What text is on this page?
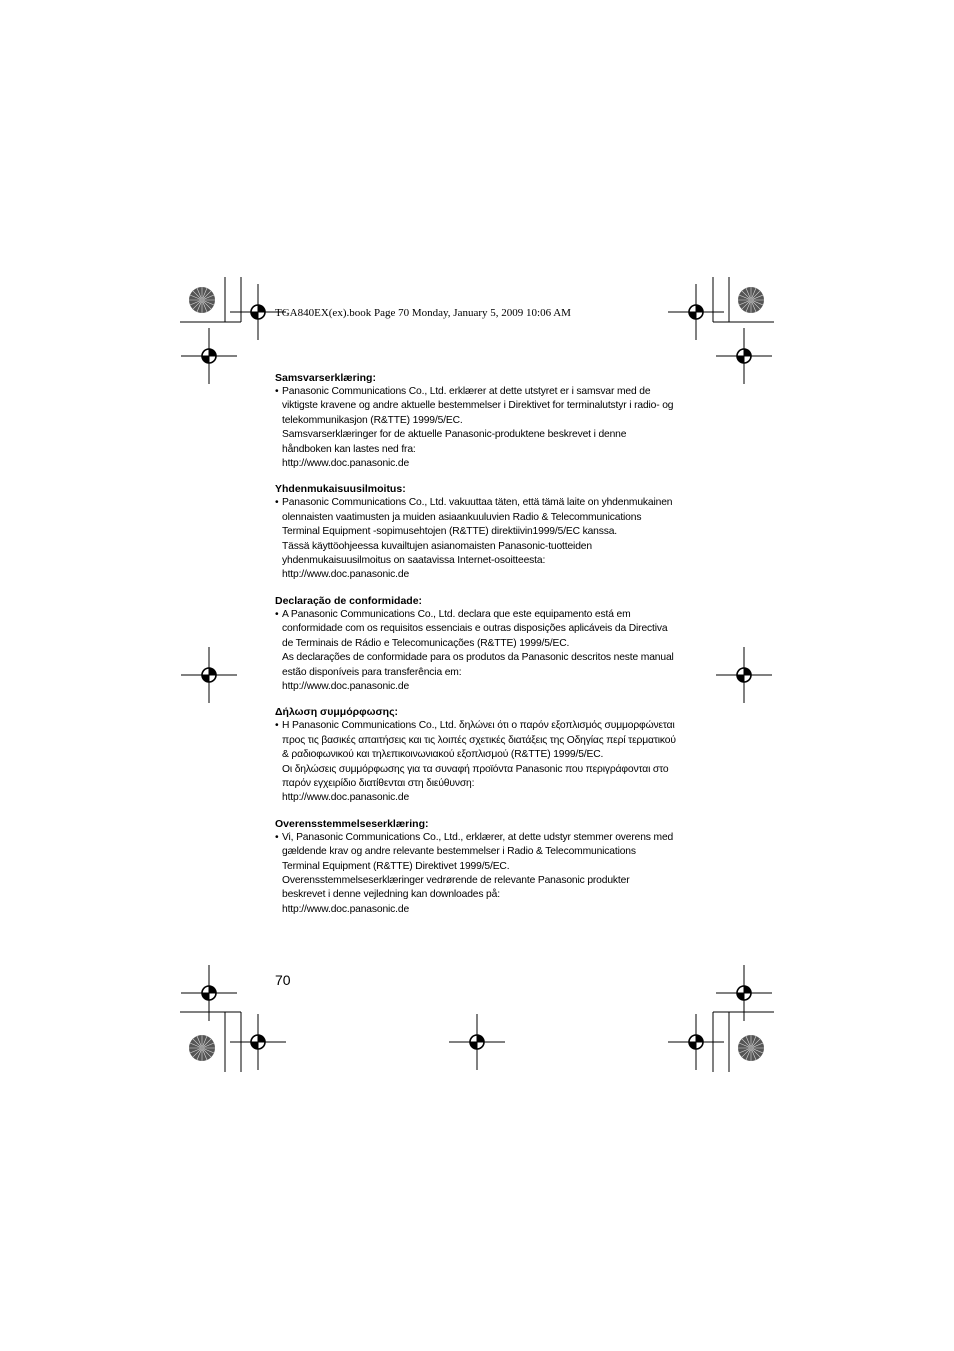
TGA840EX(ex).book Page 70 Monday, January 5, 2009 10:06 AM
Samsvarserklæring:
• Panasonic Communications Co., Ltd. erklærer at dette utstyret er i samsvar med de
viktigste kravene og andre aktuelle bestemmelser i Direktivet for terminalutstyr i radio- og
telekommunikasjon (R&TTE) 1999/5/EC.
Samsvarserklæringer for de aktuelle Panasonic-produktene beskrevet i denne
håndboken kan lastes ned fra:
http://www.doc.panasonic.de
Yhdenmukaisuusilmoitus:
• Panasonic Communications Co., Ltd. vakuuttaa täten, että tämä laite on yhdenmukainen
olennaisten vaatimusten ja muiden asiaankuuluvien Radio & Telecommunications
Terminal Equipment -sopimusehtojen (R&TTE) direktiivin1999/5/EC kanssa.
Tässä käyttöohjeessa kuvailtujen asianomaisten Panasonic-tuotteiden
yhdenmukaisuusilmoitus on saatavissa Internet-osoitteesta:
http://www.doc.panasonic.de
Declaração de conformidade:
• A Panasonic Communications Co., Ltd. declara que este equipamento está em
conformidade com os requisitos essenciais e outras disposições aplicáveis da Directiva
de Terminais de Rádio e Telecomunicações (R&TTE) 1999/5/EC.
As declarações de conformidade para os produtos da Panasonic descritos neste manual
estão disponíveis para transferência em:
http://www.doc.panasonic.de
Δήλωση συμμόρφωσης:
• H Panasonic Communications Co., Ltd. δηλώνει ότι ο παρόν εξοπλισμός συμμορφώνεται
προς τις βασικές απαιτήσεις και τις λοιπές σχετικές διατάξεις της Οδηγίας περί τερματικού
& ραδιοφωνικού και τηλεπικοινωνιακού εξοπλισμού (R&TTE) 1999/5/EC.
Οι δηλώσεις συμμόρφωσης για τα συναφή προϊόντα Panasonic που περιγράφονται στο
παρόν εγχειρίδιο διατίθενται στη διεύθυνση:
http://www.doc.panasonic.de
Overensstemmelseserklæring:
• Vi, Panasonic Communications Co., Ltd., erklærer, at dette udstyr stemmer overens med
gældende krav og andre relevante bestemmelser i Radio & Telecommunications
Terminal Equipment (R&TTE) Direktivet 1999/5/EC.
Overensstemmelseserklæringer vedrørende de relevante Panasonic produkter
beskrevet i denne vejledning kan downloades på:
http://www.doc.panasonic.de
70
